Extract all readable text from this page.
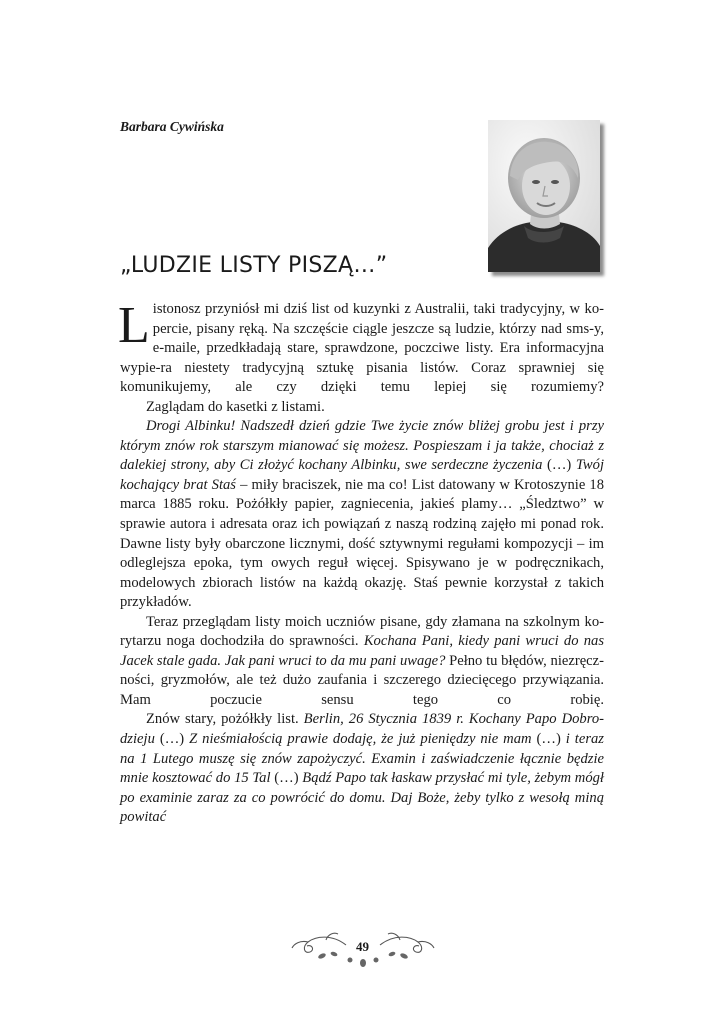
Barbara Cywińska
„LUDZIE LISTY PISZĄ…”

Listonosz przyniósł mi dziś list od kuzynki z Australii, taki tradycyjny, w ko-percie, pisany ręką. Na szczęście ciągle jeszcze są ludzie, którzy nad sms-y, e-maile, przedkładają stare, sprawdzone, poczciwe listy. Era informacyjna wypie-ra niestety tradycyjną sztukę pisania listów. Coraz sprawniej się komunikujemy, ale czy dzięki temu lepiej się rozumiemy?

Zaglądam do kasetki z listami.

Drogi Albinku! Nadszedł dzień gdzie Twe życie znów bliżej grobu jest i przy którym znów rok starszym mianować się możesz. Pospieszam i ja także, chociaż z dalekiej strony, aby Ci złożyć kochany Albinku, swe serdeczne życzenia (…) Twój kochający brat Staś – miły braciszek, nie ma co! List datowany w Krotoszynie 18 marca 1885 roku. Pożółkły papier, zagniecenia, jakieś plamy… „Śledztwo” w sprawie autora i adresata oraz ich powiązań z naszą rodziną zajęło mi ponad rok. Dawne listy były obarczone licznymi, dość sztywnymi regułami kompozycji – im odleglejsza epoka, tym owych reguł więcej. Spisywano je w podręcznikach, modelowych zbiorach listów na każdą okazję. Staś pewnie korzystał z takich przykładów.

Teraz przeglądam listy moich uczniów pisane, gdy złamana na szkolnym ko-rytarzu noga dochodziła do sprawności. Kochana Pani, kiedy pani wruci do nas Jacek stale gada. Jak pani wruci to da mu pani uwage? Pełno tu błędów, niezręcz-ności, gryzmołów, ale też dużo zaufania i szczerego dziecięcego przywiązania. Mam poczucie sensu tego co robię.

Znów stary, pożółkły list. Berlin, 26 Stycznia 1839 r. Kochany Papo Dobro-dzieju (…) Z nieśmiałością prawie dodaję, że już pieniędzy nie mam (…) i teraz na 1 Lutego muszę się znów zapożyczyć. Examin i zaświadczenie łącznie będzie mnie kosztować do 15 Tal (…) Bądź Papo tak łaskaw przysłać mi tyle, żebym mógł po examinie zaraz za co powrócić do domu. Daj Boże, żeby tylko z wesołą miną powitać

49
